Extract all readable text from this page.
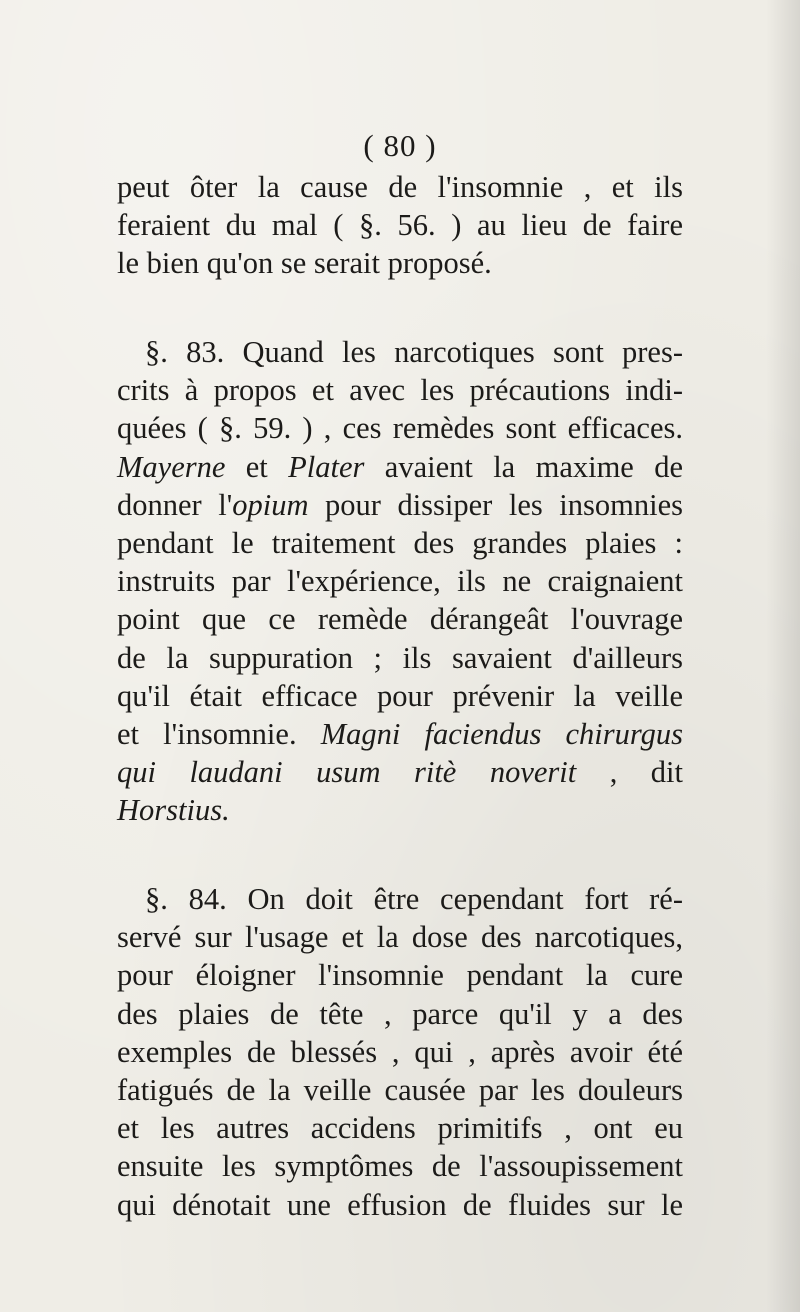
( 80 )
peut ôter la cause de l'insomnie , et ils
feraient du mal ( §. 56. ) au lieu de faire
le bien qu'on se serait proposé.
§. 83. Quand les narcotiques sont pres-
crits à propos et avec les précautions indi-
quées ( §. 59. ) , ces remèdes sont efficaces.
Mayerne et Plater avaient la maxime de
donner l'opium pour dissiper les insomnies
pendant le traitement des grandes plaies :
instruits par l'expérience, ils ne craignaient
point que ce remède dérangeât l'ouvrage
de la suppuration ; ils savaient d'ailleurs
qu'il était efficace pour prévenir la veille
et l'insomnie. Magni faciendus chirurgus
qui laudani usum ritè noverit , dit
Horstius.
§. 84. On doit être cependant fort ré-
servé sur l'usage et la dose des narcotiques,
pour éloigner l'insomnie pendant la cure
des plaies de tête , parce qu'il y a des
exemples de blessés , qui , après avoir été
fatigués de la veille causée par les douleurs
et les autres accidens primitifs , ont eu
ensuite les symptômes de l'assoupissement
qui dénotait une effusion de fluides sur le
